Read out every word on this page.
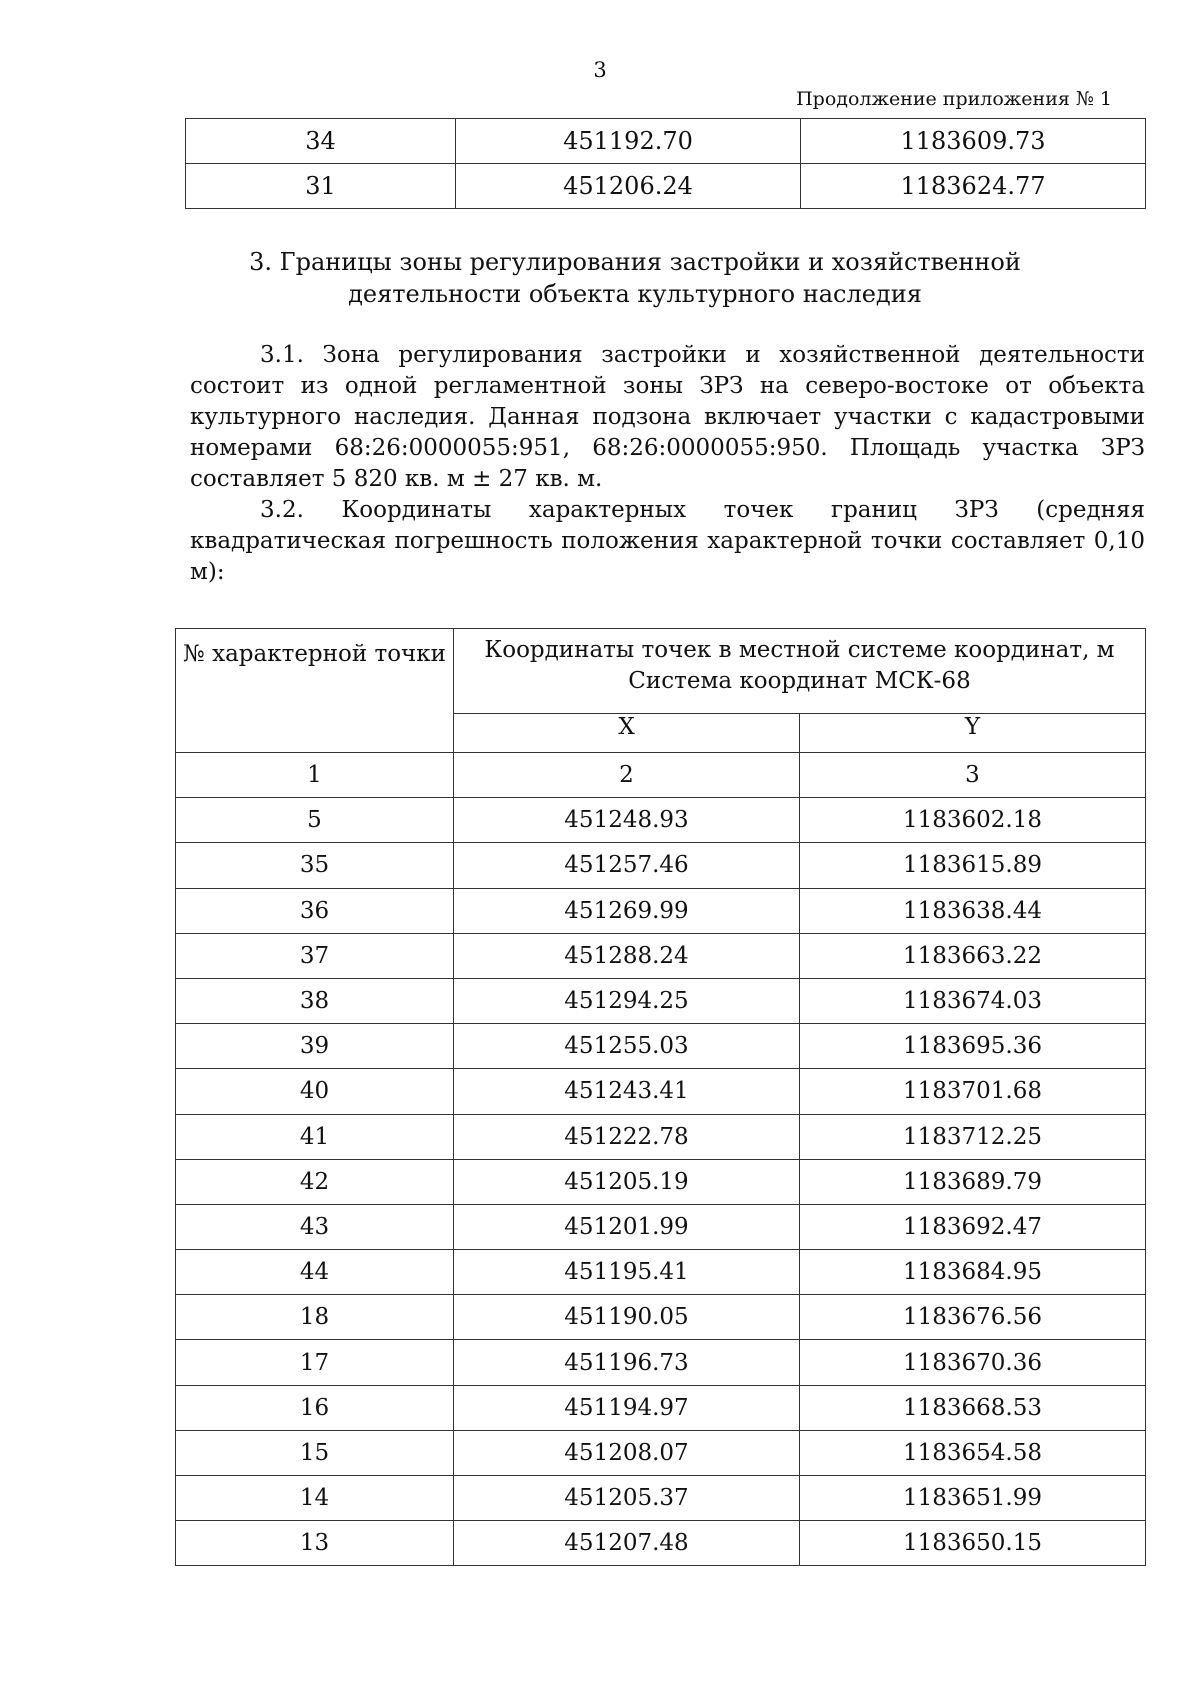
3
Продолжение приложения № 1
34	451192.70	1183609.73
31	451206.24	1183624.77
3. Границы зоны регулирования застройки и хозяйственной
деятельности объекта культурного наследия
3.1. Зона регулирования застройки и хозяйственной деятельности состоит из одной регламентной зоны ЗРЗ на северо-востоке от объекта культурного наследия. Данная подзона включает участки с кадастровыми номерами 68:26:0000055:951, 68:26:0000055:950. Площадь участка ЗРЗ составляет 5 820 кв. м ± 27 кв. м.
3.2. Координаты характерных точек границ ЗРЗ (средняя квадратическая погрешность положения характерной точки составляет 0,10 м):
№ характерной точки	Координаты точек в местной системе координат, м
Система координат МСК-68	

	X	Y
1	2	3
5	451248.93	1183602.18
35	451257.46	1183615.89
36	451269.99	1183638.44
37	451288.24	1183663.22
38	451294.25	1183674.03
39	451255.03	1183695.36
40	451243.41	1183701.68
41	451222.78	1183712.25
42	451205.19	1183689.79
43	451201.99	1183692.47
44	451195.41	1183684.95
18	451190.05	1183676.56
17	451196.73	1183670.36
16	451194.97	1183668.53
15	451208.07	1183654.58
14	451205.37	1183651.99
13	451207.48	1183650.15
